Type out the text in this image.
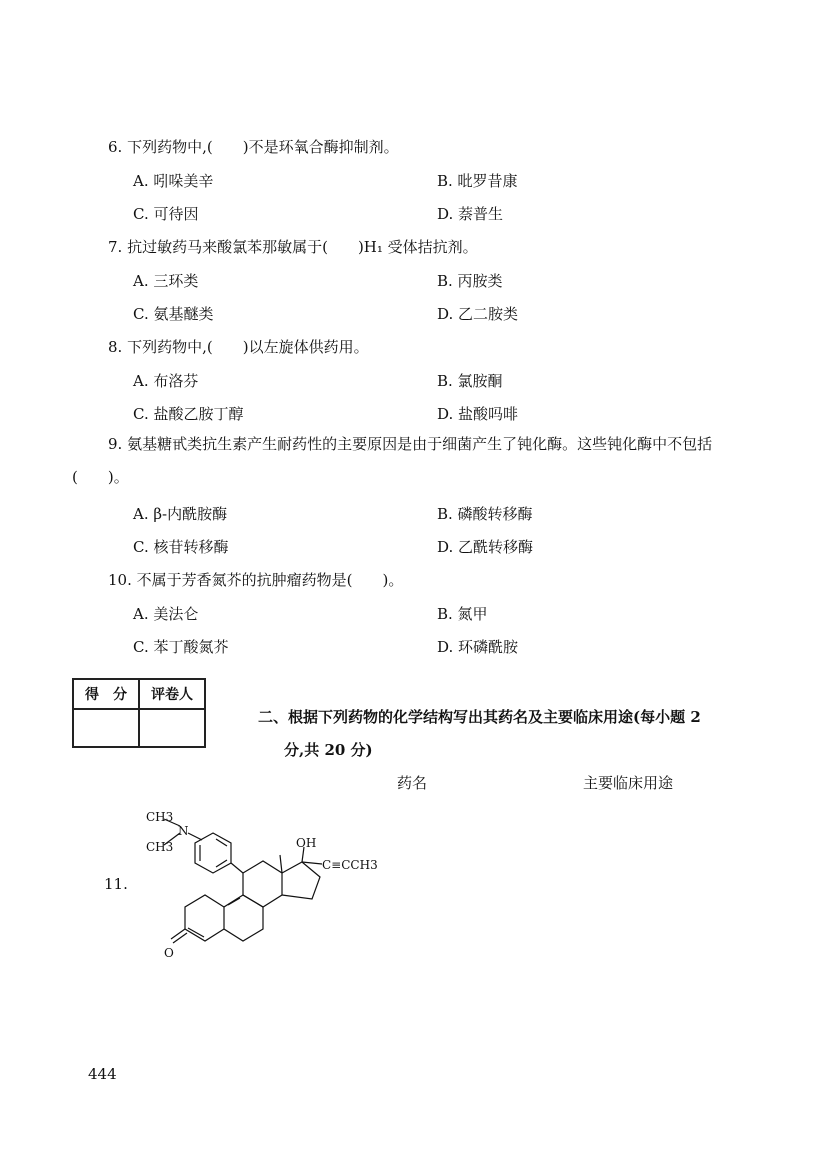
6. 下列药物中,(　　)不是环氧合酶抑制剂。
A. 吲哚美辛	B. 吡罗昔康
C. 可待因	D. 萘普生
7. 抗过敏药马来酸氯苯那敏属于(　　)H₁ 受体拮抗剂。
A. 三环类	B. 丙胺类
C. 氨基醚类	D. 乙二胺类
8. 下列药物中,(　　)以左旋体供药用。
A. 布洛芬	B. 氯胺酮
C. 盐酸乙胺丁醇	D. 盐酸吗啡
9. 氨基糖甙类抗生素产生耐药性的主要原因是由于细菌产生了钝化酶。这些钝化酶中不包括(　　)。
A. β-内酰胺酶	B. 磷酸转移酶
C. 核苷转移酶	D. 乙酰转移酶
10. 不属于芳香氮芥的抗肿瘤药物是(　　)。
A. 美法仑	B. 氮甲
C. 苯丁酸氮芥	D. 环磷酰胺
得　分	评卷人

二、根据下列药物的化学结构写出其药名及主要临床用途(每小题 2
分,共 20 分)
药名	主要临床用途
11.
CH3
N
CH3	OH
C≡CCH3
O
444
